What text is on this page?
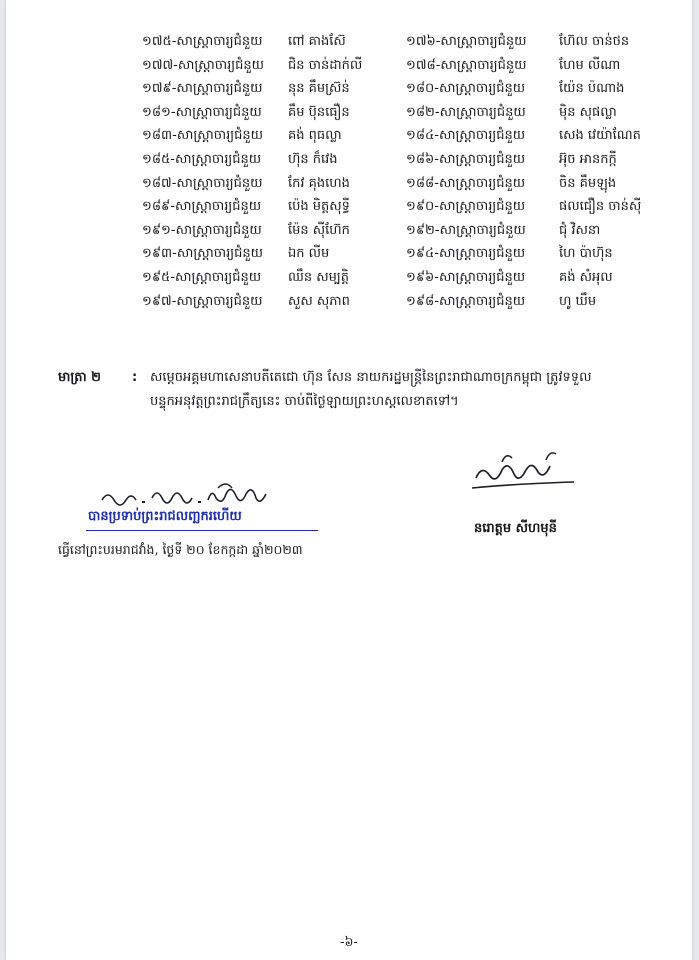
១៧៥-សាស្ត្រាចារ្យជំនួយ ពៅ គាងស៊ែ	១៧៦-សាស្ត្រាចារ្យជំនួយ ហ៊ែល ចាន់ថន
១៧៧-សាស្ត្រាចារ្យជំនួយ ជិន ចាន់ដាក់លី	១៧៨-សាស្ត្រាចារ្យជំនួយ ហែម លីណា
១៧៩-សាស្ត្រាចារ្យជំនួយ នុន គឹមស្រ៊ន់	១៨០-សាស្ត្រាចារ្យជំនួយ	យ៉ែន ប៉ណាង
១៨១-សាស្ត្រាចារ្យជំនួយ គឹម ប៊ុនធឿន	១៨២-សាស្ត្រាចារ្យជំនួយ	ម៉ិន សុផល្លា
១៨៣-សាស្ត្រាចារ្យជំនួយ គង់ ពុធល្លា	១៨៤-សាស្ត្រាចារ្យជំនួយ	សេង វេយ៉ាណែត
១៨៥-សាស្ត្រាចារ្យជំនួយ ហ៊ុន ក៏វេង	១៨៦-សាស្ត្រាចារ្យជំនួយ	អ៊ុច អានកក្កី
១៨៧-សាស្ត្រាចារ្យជំនួយ កែវ គុងហេង	១៨៨-សាស្ត្រាចារ្យជំនួយ	ចិន គឹមឡុង
១៨៩-សាស្ត្រាចារ្យជំនួយ ប៉េង មិត្តសុទ្ធី	១៩០-សាស្ត្រាចារ្យជំនួយ	ផលជឿន ចាន់ស៊ី
១៩១-សាស្ត្រាចារ្យជំនួយ ម៉ែន ស៊ីហ៊ែក	១៩២-សាស្ត្រាចារ្យជំនួយ	ជុំ វិសនា
១៩៣-សាស្ត្រាចារ្យជំនួយ ឯក លីម	១៩៤-សាស្ត្រាចារ្យជំនួយ	ហៃ ប៉ាហ៊ុន
១៩៥-សាស្ត្រាចារ្យជំនួយ ឈឹន សម្បត្តិ	១៩៦-សាស្ត្រាចារ្យជំនួយ	គង់ សំអុល
១៩៧-សាស្ត្រាចារ្យជំនួយ សួស សុភាព	១៩៨-សាស្ត្រាចារ្យជំនួយ	ហូ ឃឹម
មាត្រា ២ : សម្ដេចអគ្គមហាសេនាបតីតេជោ ហ៊ុន សែន នាយករដ្ឋមន្ត្រីនៃព្រះរាជាណាចក្រកម្ពុជា ត្រូវទទួល
បន្ទុកអនុវត្តព្រះរាជក្រឹត្យនេះ ចាប់ពីថ្ងៃឡាយព្រះហស្តលេខាតទៅ។
បានប្រទាប់ព្រះរាជលញ្ឆករហើយ
ធ្វើនៅព្រះបរមរាជវាំង, ថ្ងៃទី ២០ ខែកក្កដា ឆ្នាំ២០២៣
នរោត្តម សីហមុនី
-៦-
